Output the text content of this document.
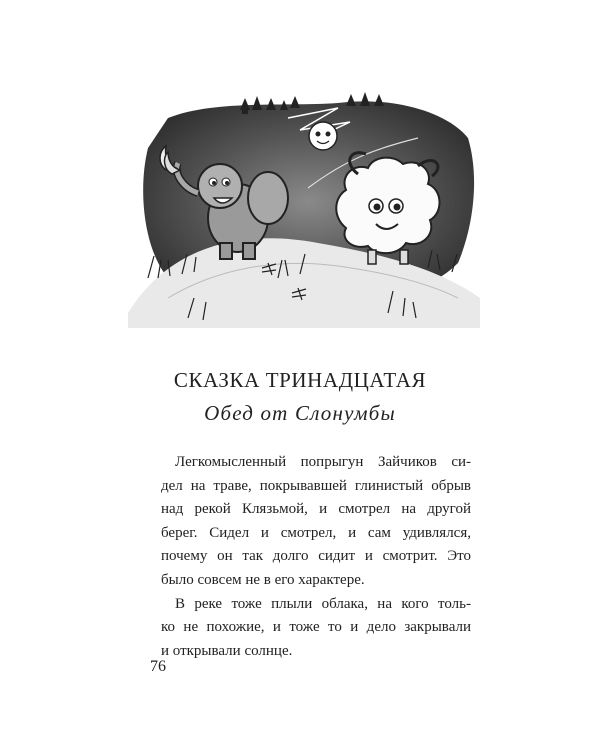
СКАЗКА ТРИНАДЦАТАЯ
Обед от Слонумбы
Легкомысленный попрыгун Зайчиков си-
дел на траве, покрывавшей глинистый обрыв
над рекой Клязьмой, и смотрел на другой
берег. Сидел и смотрел, и сам удивлялся,
почему он так долго сидит и смотрит. Это
было совсем не в его характере.
В реке тоже плыли облака, на кого толь-
ко не похожие, и тоже то и дело закрывали
и открывали солнце.
76
